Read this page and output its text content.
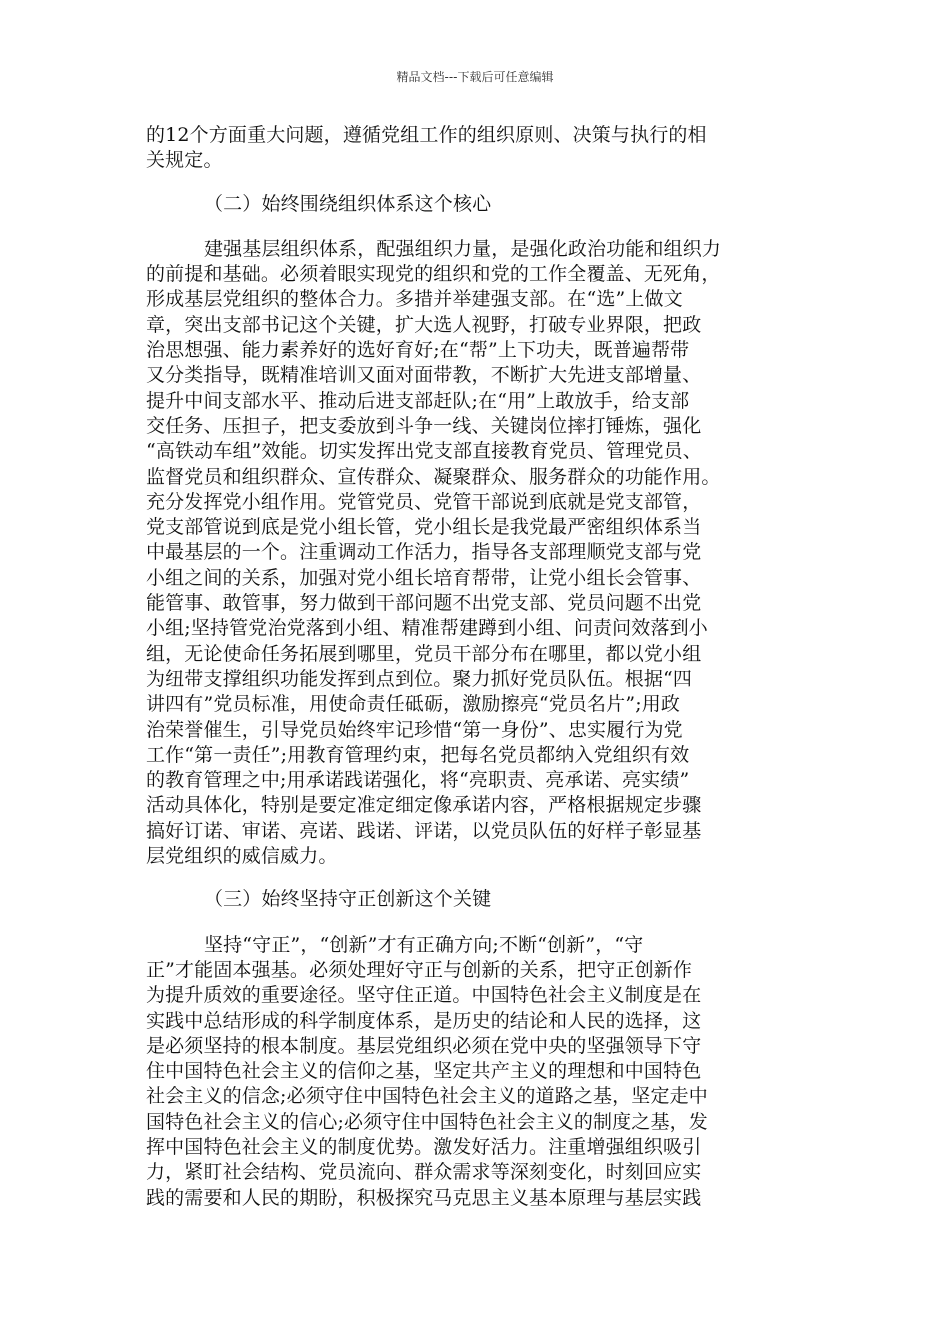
精品文档---下载后可任意编辑
的12个方面重大问题，遵循党组工作的组织原则、决策与执行的相
关规定。
（二）始终围绕组织体系这个核心
建强基层组织体系，配强组织力量，是强化政治功能和组织力
的前提和基础。必须着眼实现党的组织和党的工作全覆盖、无死角，
形成基层党组织的整体合力。多措并举建强支部。在“选”上做文
章，突出支部书记这个关键，扩大选人视野，打破专业界限，把政
治思想强、能力素养好的选好育好;在“帮”上下功夫，既普遍帮带
又分类指导，既精准培训又面对面带教，不断扩大先进支部增量、
提升中间支部水平、推动后进支部赶队;在“用”上敢放手，给支部
交任务、压担子，把支委放到斗争一线、关键岗位摔打锤炼，强化
“高铁动车组”效能。切实发挥出党支部直接教育党员、管理党员、
监督党员和组织群众、宣传群众、凝聚群众、服务群众的功能作用。
充分发挥党小组作用。党管党员、党管干部说到底就是党支部管，
党支部管说到底是党小组长管，党小组长是我党最严密组织体系当
中最基层的一个。注重调动工作活力，指导各支部理顺党支部与党
小组之间的关系，加强对党小组长培育帮带，让党小组长会管事、
能管事、敢管事，努力做到干部问题不出党支部、党员问题不出党
小组;坚持管党治党落到小组、精准帮建蹲到小组、问责问效落到小
组，无论使命任务拓展到哪里，党员干部分布在哪里，都以党小组
为纽带支撑组织功能发挥到点到位。聚力抓好党员队伍。根据“四
讲四有”党员标准，用使命责任砥砺，激励擦亮“党员名片”;用政
治荣誉催生，引导党员始终牢记珍惜“第一身份”、忠实履行为党
工作“第一责任”;用教育管理约束，把每名党员都纳入党组织有效
的教育管理之中;用承诺践诺强化，将“亮职责、亮承诺、亮实绩”
活动具体化，特别是要定准定细定像承诺内容，严格根据规定步骤
搞好订诺、审诺、亮诺、践诺、评诺，以党员队伍的好样子彰显基
层党组织的威信威力。
（三）始终坚持守正创新这个关键
坚持“守正”，“创新”才有正确方向;不断“创新”，“守
正”才能固本强基。必须处理好守正与创新的关系，把守正创新作
为提升质效的重要途径。坚守住正道。中国特色社会主义制度是在
实践中总结形成的科学制度体系，是历史的结论和人民的选择，这
是必须坚持的根本制度。基层党组织必须在党中央的坚强领导下守
住中国特色社会主义的信仰之基，坚定共产主义的理想和中国特色
社会主义的信念;必须守住中国特色社会主义的道路之基，坚定走中
国特色社会主义的信心;必须守住中国特色社会主义的制度之基，发
挥中国特色社会主义的制度优势。激发好活力。注重增强组织吸引
力，紧盯社会结构、党员流向、群众需求等深刻变化，时刻回应实
践的需要和人民的期盼，积极探究马克思主义基本原理与基层实践
